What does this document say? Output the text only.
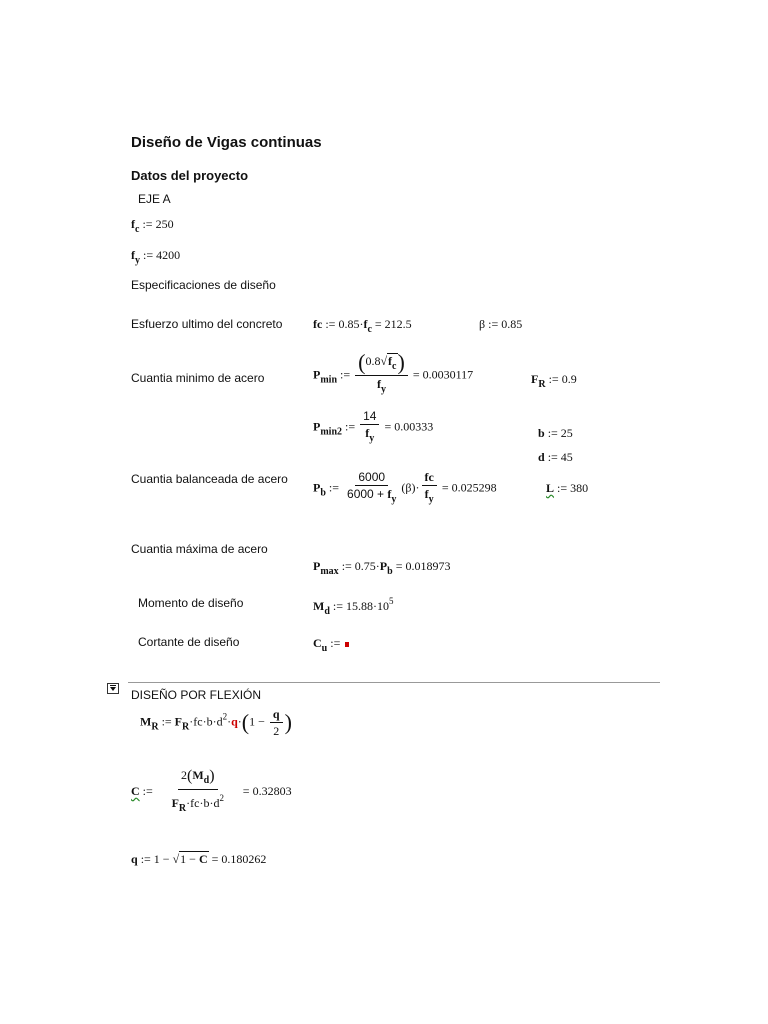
Diseño de Vigas continuas
Datos del proyecto
EJE A
$f_c$ := 250
$f_y$ := 4200
Especificaciones de diseño
Esfuerzo ultimo del concreto	fc := $0.85\cdot f_c = 212.5$	β := 0.85
Cuantia minimo de acero	$P_{min}$ := $\frac{(0.8√f_c)}{f_y} = 0.0030117$	$F_R$ := 0.9
$P_{min2}$ := $\frac{14}{f_y} = 0.00333$	b := 25
d := 45
Cuantia balanceada de acero
$P_b$ := $\frac{6000}{6000 + f_y} (\beta)\cdot \frac{fc}{f_y} = 0.025298$	L := 380
Cuantia máxima de acero
$P_{max}$ := $0.75\cdot P_b = 0.018973$
Momento de diseño	$M_d$ := $15.88\cdot 10^5$
Cortante de diseño	$C_u$ :=
DISEÑO POR FLEXIÓN
$M_R$ := $F_R\cdot fc\cdot b\cdot d^2\cdot q\cdot(1 - \frac{q}{2}$ )
C := $\frac{2(M_d)}{F_R\cdot fc\cdot b\cdot d^2} = 0.32803$
q := 1 − √1 − C = 0.180262
